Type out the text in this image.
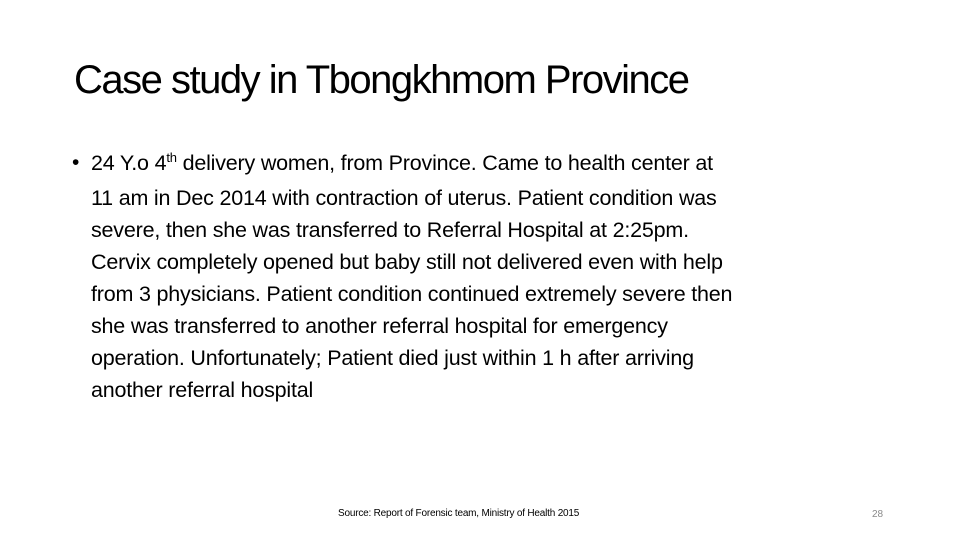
Case study in Tbongkhmom Province
• 24 Y.o 4th delivery women, from Province. Came to health center at
11 am in Dec 2014 with contraction of uterus. Patient condition was
severe, then she was transferred to Referral Hospital at 2:25pm.
Cervix completely opened but baby still not delivered even with help
from 3 physicians. Patient condition continued extremely severe then
she was transferred to another referral hospital for emergency
operation. Unfortunately; Patient died just within 1 h after arriving
another referral hospital
Source: Report of Forensic team, Ministry of Health 2015	28
